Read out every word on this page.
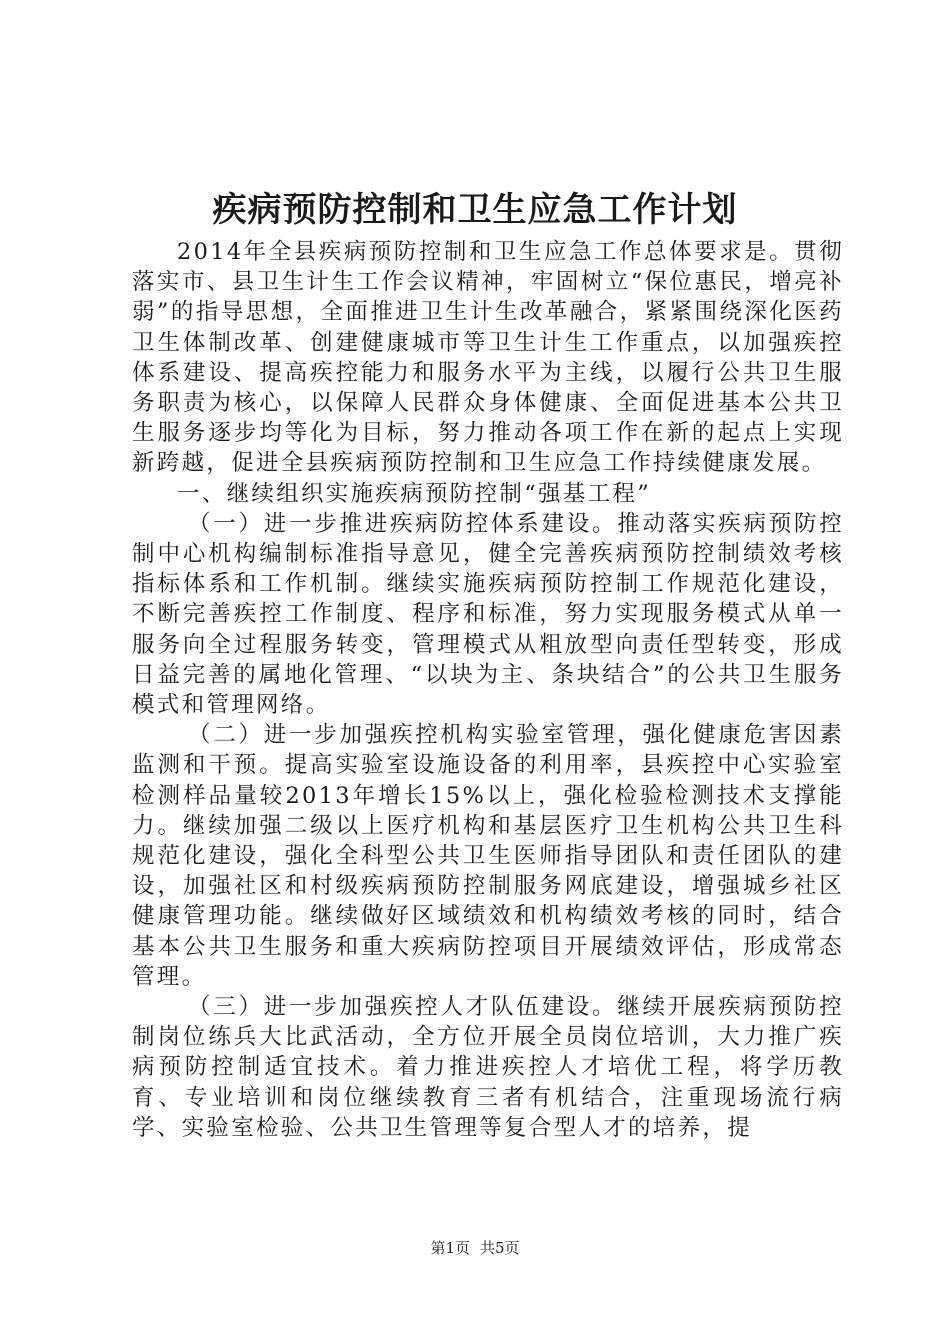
疾病预防控制和卫生应急工作计划

2014年全县疾病预防控制和卫生应急工作总体要求是。贯彻落实市、县卫生计生工作会议精神，牢固树立“保位惠民，增亮补弱”的指导思想，全面推进卫生计生改革融合，紧紧围绕深化医药卫生体制改革、创建健康城市等卫生计生工作重点，以加强疾控体系建设、提高疾控能力和服务水平为主线，以履行公共卫生服务职责为核心，以保障人民群众身体健康、全面促进基本公共卫生服务逐步均等化为目标，努力推动各项工作在新的起点上实现新跨越，促进全县疾病预防控制和卫生应急工作持续健康发展。

一、继续组织实施疾病预防控制“强基工程”

（一）进一步推进疾病防控体系建设。推动落实疾病预防控制中心机构编制标准指导意见，健全完善疾病预防控制绩效考核指标体系和工作机制。继续实施疾病预防控制工作规范化建设，不断完善疾控工作制度、程序和标准，努力实现服务模式从单一服务向全过程服务转变，管理模式从粗放型向责任型转变，形成日益完善的属地化管理、“以块为主、条块结合”的公共卫生服务模式和管理网络。

（二）进一步加强疾控机构实验室管理，强化健康危害因素监测和干预。提高实验室设施设备的利用率，县疾控中心实验室检测样品量较2013年增长15%以上，强化检验检测技术支撑能力。继续加强二级以上医疗机构和基层医疗卫生机构公共卫生科规范化建设，强化全科型公共卫生医师指导团队和责任团队的建设，加强社区和村级疾病预防控制服务网底建设，增强城乡社区健康管理功能。继续做好区域绩效和机构绩效考核的同时，结合基本公共卫生服务和重大疾病防控项目开展绩效评估，形成常态管理。

（三）进一步加强疾控人才队伍建设。继续开展疾病预防控制岗位练兵大比武活动，全方位开展全员岗位培训，大力推广疾病预防控制适宜技术。着力推进疾控人才培优工程，将学历教育、专业培训和岗位继续教育三者有机结合，注重现场流行病学、实验室检验、公共卫生管理等复合型人才的培养，提

第1页 共5页
